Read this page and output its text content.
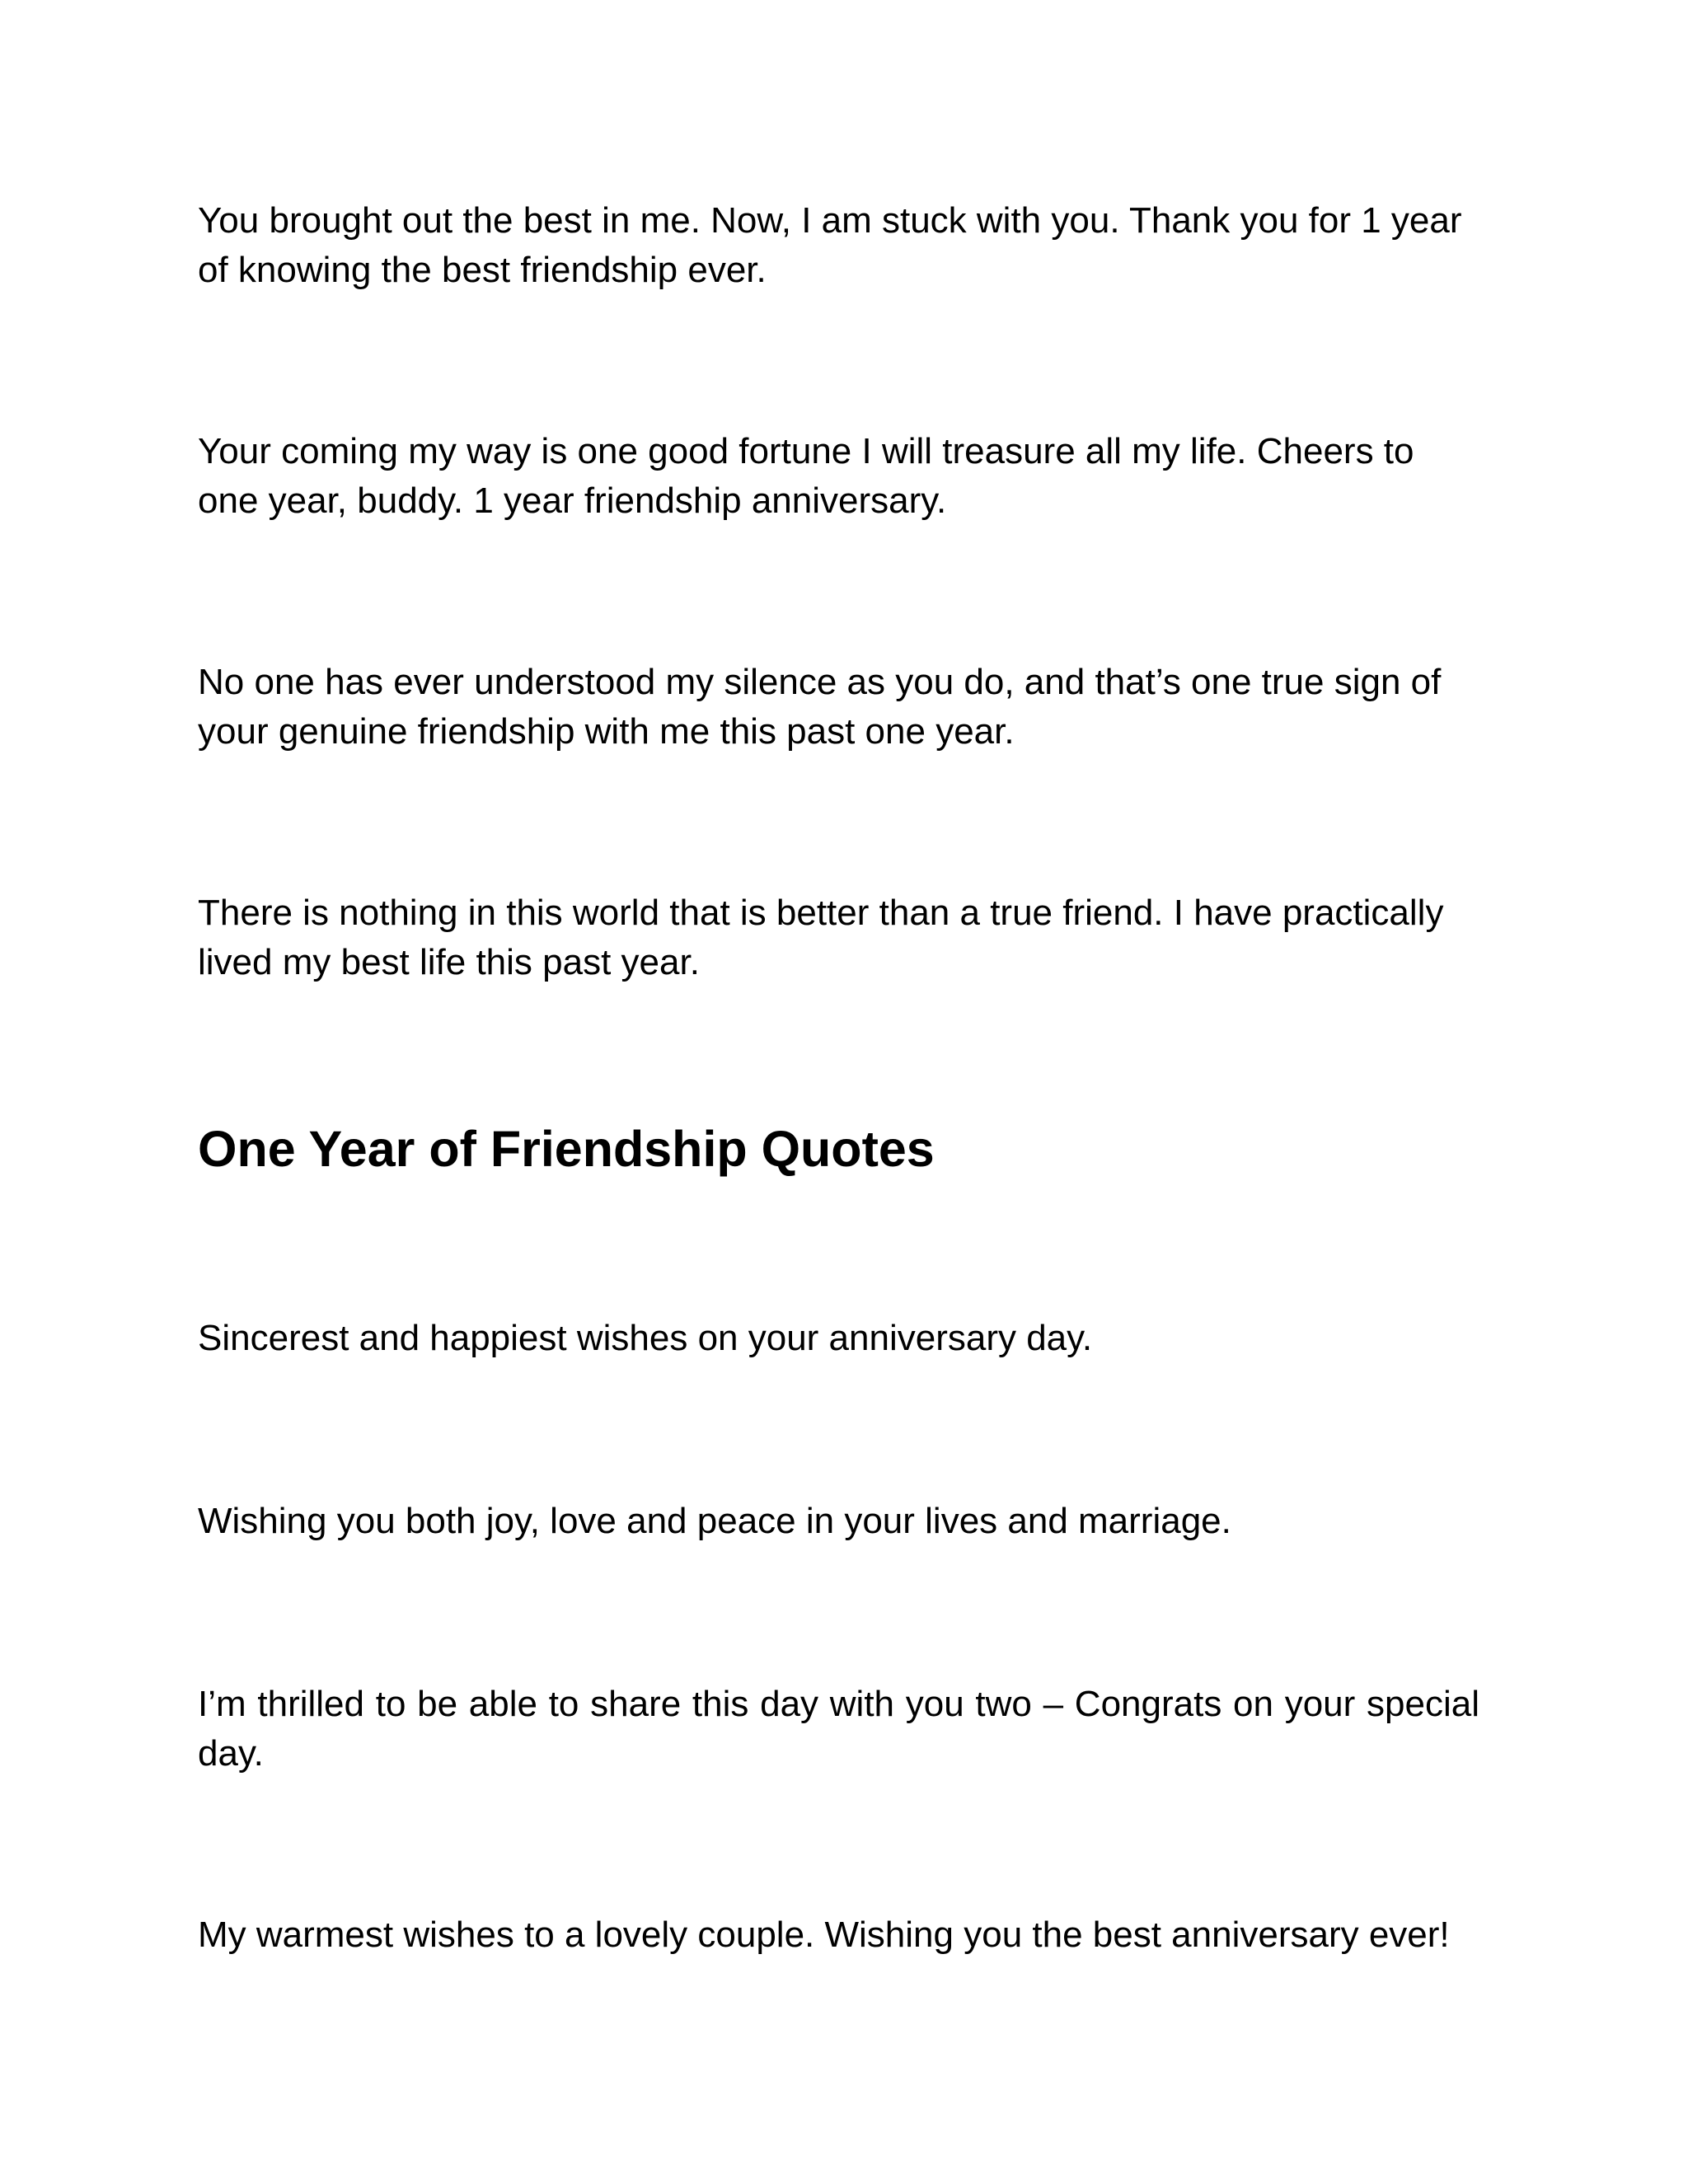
You brought out the best in me. Now, I am stuck with you. Thank you for 1 year of knowing the best friendship ever.

Your coming my way is one good fortune I will treasure all my life. Cheers to one year, buddy. 1 year friendship anniversary.

No one has ever understood my silence as you do, and that’s one true sign of your genuine friendship with me this past one year.

There is nothing in this world that is better than a true friend. I have practically lived my best life this past year.

One Year of Friendship Quotes

Sincerest and happiest wishes on your anniversary day.

Wishing you both joy, love and peace in your lives and marriage.

I’m thrilled to be able to share this day with you two – Congrats on your special day.

My warmest wishes to a lovely couple. Wishing you the best anniversary ever!
